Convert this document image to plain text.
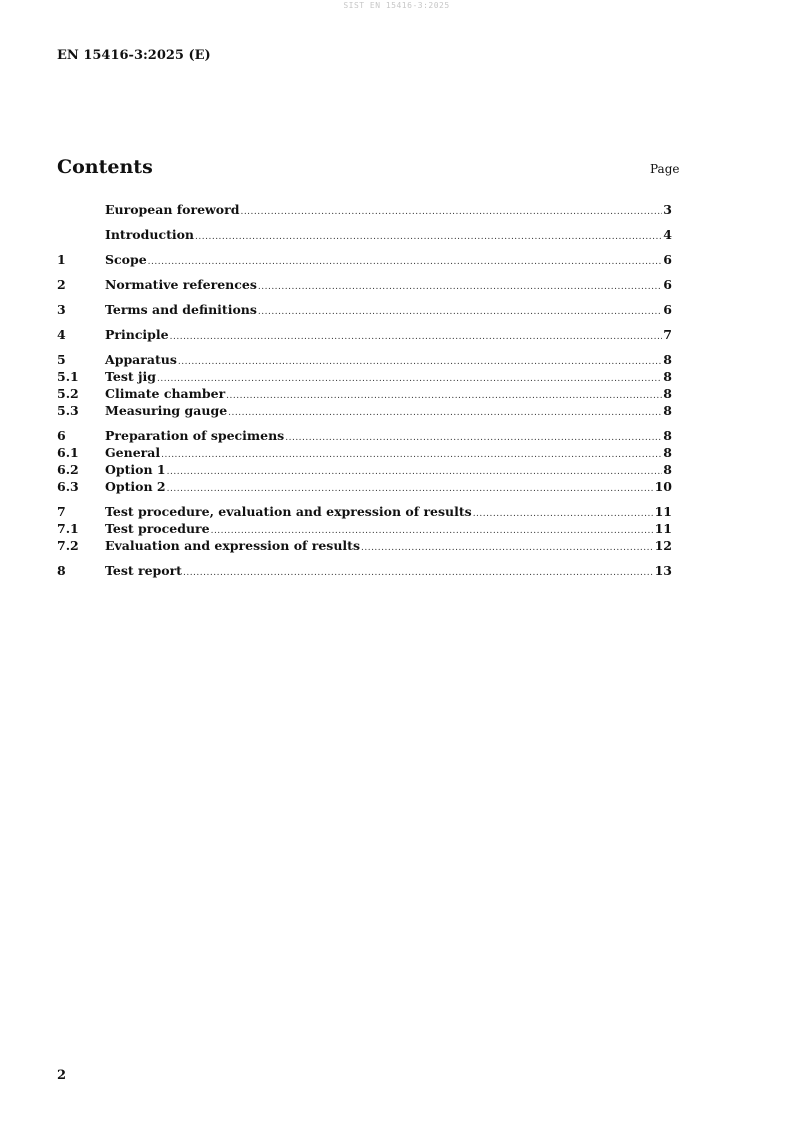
SIST EN 15416-3:2025
EN 15416-3:2025 (E)
Contents	Page
European foreword .....	3
Introduction .....	4
1	Scope .....	6
2	Normative references .....	6
3	Terms and definitions .....	6
4	Principle .....	7
5	Apparatus .....	8
5.1	Test jig .....	8
5.2	Climate chamber .....	8
5.3	Measuring gauge .....	8
6	Preparation of specimens .....	8
6.1	General .....	8
6.2	Option 1 .....	8
6.3	Option 2 .....	10
7	Test procedure, evaluation and expression of results .....	11
7.1	Test procedure .....	11
7.2	Evaluation and expression of results .....	12
8	Test report .....	13
2
